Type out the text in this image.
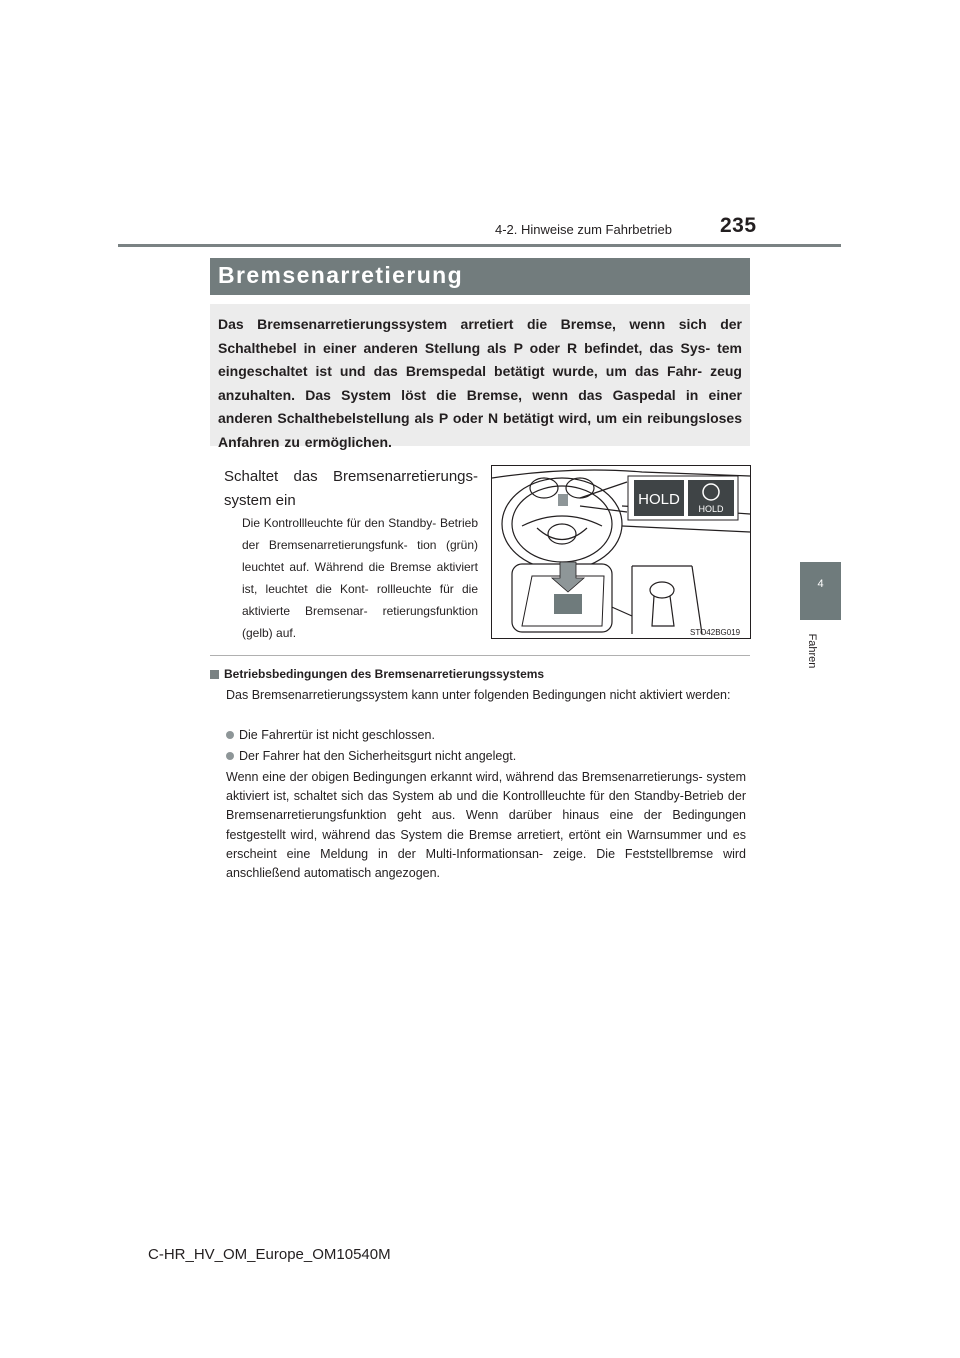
4-2. Hinweise zum Fahrbetrieb 235
4
Fahren
Bremsenarretierung
Das Bremsenarretierungssystem arretiert die Bremse, wenn sich der Schalthebel in einer anderen Stellung als P oder R befindet, das Sys- tem eingeschaltet ist und das Bremspedal betätigt wurde, um das Fahr- zeug anzuhalten. Das System löst die Bremse, wenn das Gaspedal in einer anderen Schalthebelstellung als P oder N betätigt wird, um ein reibungsloses Anfahren zu ermöglichen.
Schaltet das Bremsenarretierungs- system ein
Die Kontrollleuchte für den Standby- Betrieb der Bremsenarretierungsfunk- tion (grün) leuchtet auf. Während die Bremse aktiviert ist, leuchtet die Kont- rollleuchte für die aktivierte Bremsenar- retierungsfunktion (gelb) auf.
HOLD
HOLD
STO42BG019
Betriebsbedingungen des Bremsenarretierungssystems
Das Bremsenarretierungssystem kann unter folgenden Bedingungen nicht aktiviert werden:
Die Fahrertür ist nicht geschlossen.
Der Fahrer hat den Sicherheitsgurt nicht angelegt.
Wenn eine der obigen Bedingungen erkannt wird, während das Bremsenarretierungs- system aktiviert ist, schaltet sich das System ab und die Kontrollleuchte für den Standby-Betrieb der Bremsenarretierungsfunktion geht aus. Wenn darüber hinaus eine der Bedingungen festgestellt wird, während das System die Bremse arretiert, ertönt ein Warnsummer und es erscheint eine Meldung in der Multi-Informationsan- zeige. Die Feststellbremse wird anschließend automatisch angezogen.
C-HR_HV_OM_Europe_OM10540M
